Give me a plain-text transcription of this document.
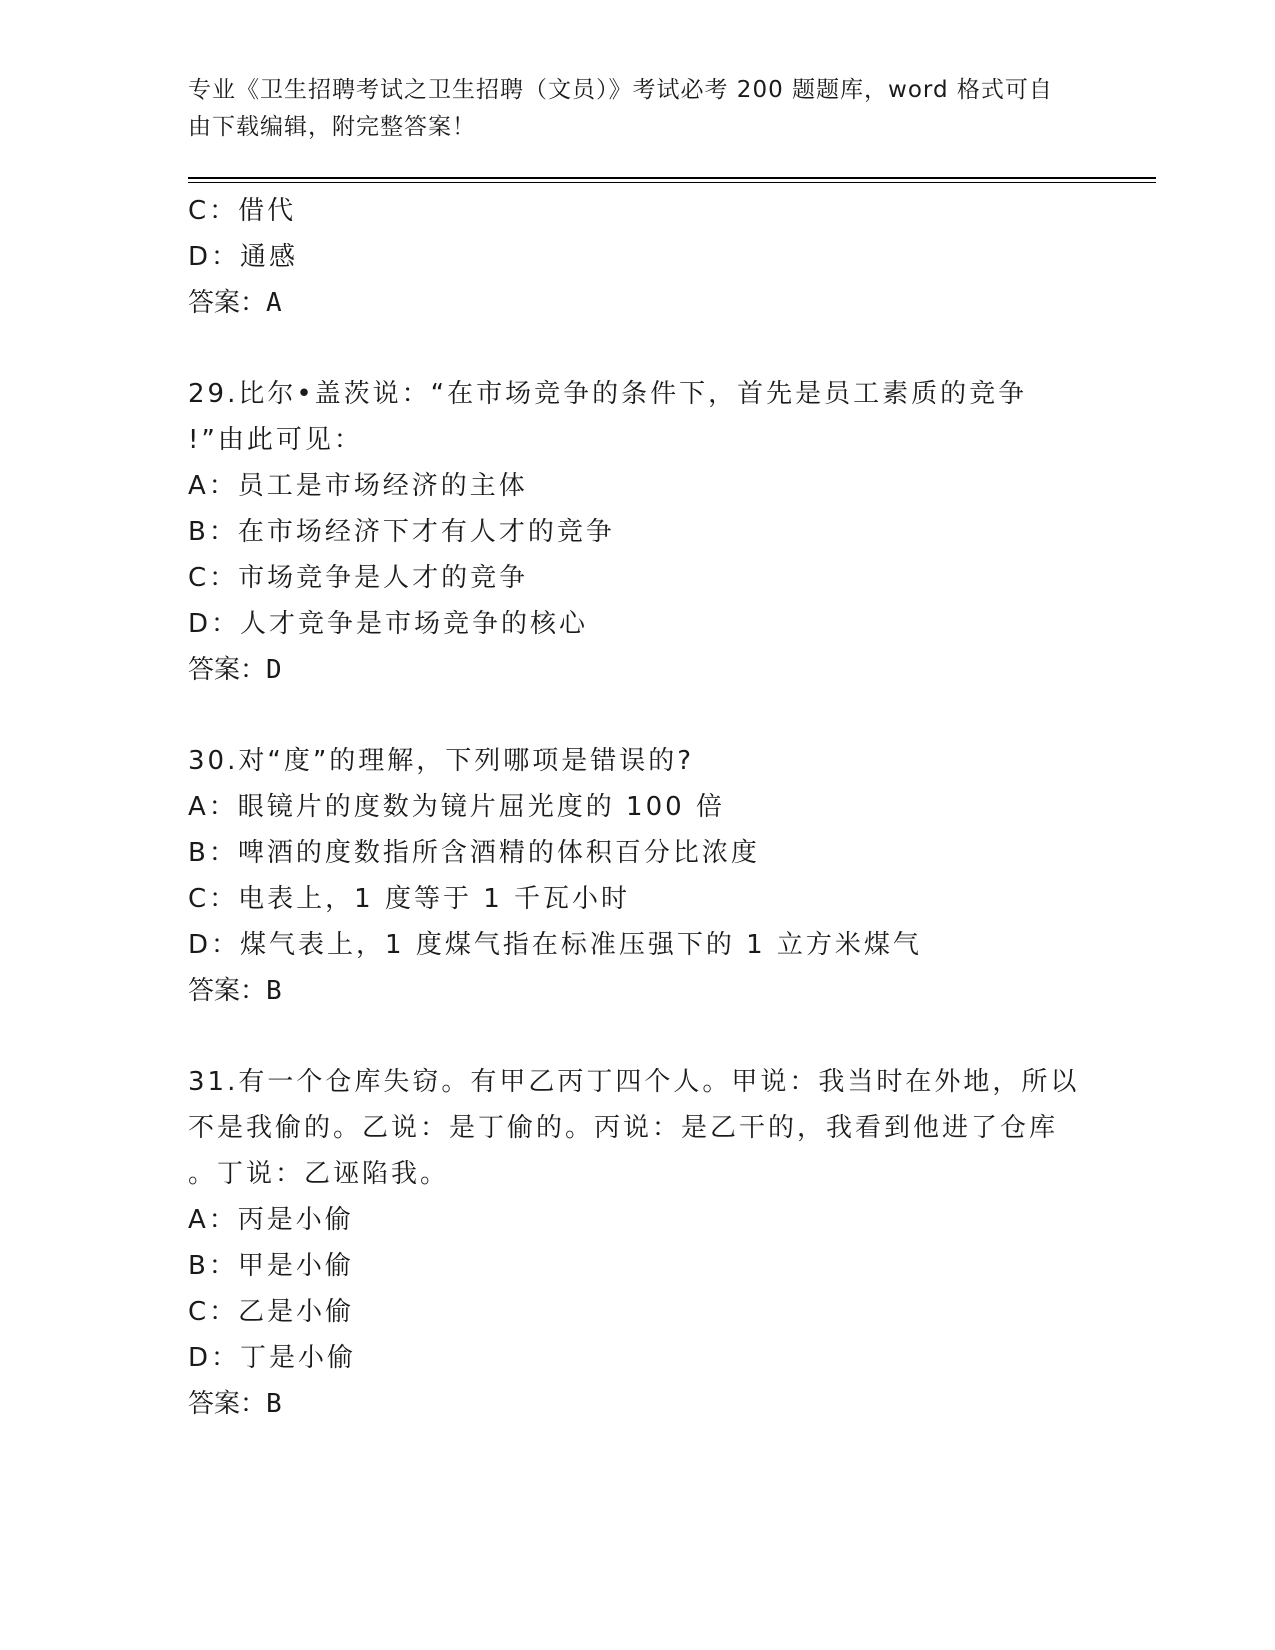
专业《卫生招聘考试之卫生招聘（文员）》考试必考 200 题题库，word 格式可自
由下载编辑，附完整答案！
C：借代
D：通感
答案：A
29.比尔•盖茨说：“在市场竞争的条件下，首先是员工素质的竞争
!”由此可见：
A：员工是市场经济的主体
B：在市场经济下才有人才的竞争
C：市场竞争是人才的竞争
D：人才竞争是市场竞争的核心
答案：D
30.对“度”的理解，下列哪项是错误的?
A：眼镜片的度数为镜片屈光度的 100 倍
B：啤酒的度数指所含酒精的体积百分比浓度
C：电表上，1 度等于 1 千瓦小时
D：煤气表上，1 度煤气指在标准压强下的 1 立方米煤气
答案：B
31.有一个仓库失窃。有甲乙丙丁四个人。甲说：我当时在外地，所以
不是我偷的。乙说：是丁偷的。丙说：是乙干的，我看到他进了仓库
。丁说：乙诬陷我。
A：丙是小偷
B：甲是小偷
C：乙是小偷
D：丁是小偷
答案：B
